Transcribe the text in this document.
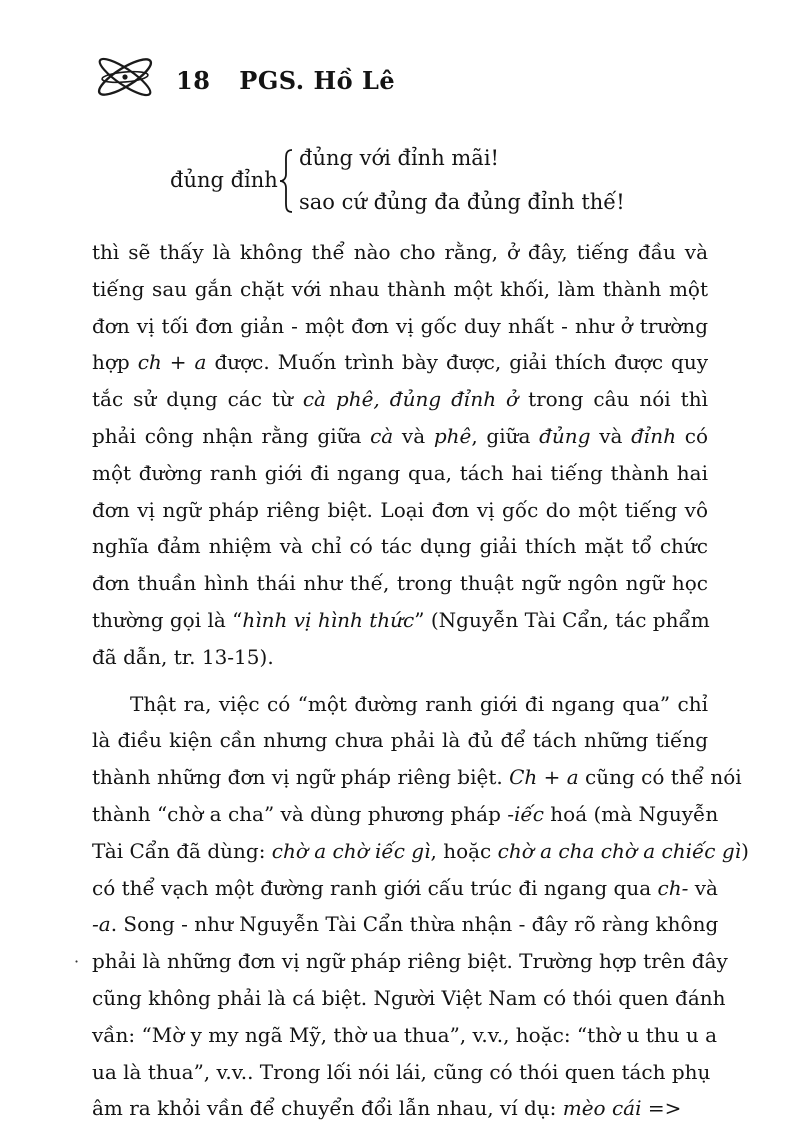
18 PGS. Hồ Lê
đủng đỉnh
đủng với đỉnh mãi!
sao cứ đủng đa đủng đỉnh thế!
thì sẽ thấy là không thể nào cho rằng, ở đây, tiếng đầu và
tiếng sau gắn chặt với nhau thành một khối, làm thành một
đơn vị tối đơn giản - một đơn vị gốc duy nhất - như ở trường
hợp ch + a được. Muốn trình bày được, giải thích được quy
tắc sử dụng các từ cà phê, đủng đỉnh ở trong câu nói thì
phải công nhận rằng giữa cà và phê, giữa đủng và đỉnh có
một đường ranh giới đi ngang qua, tách hai tiếng thành hai
đơn vị ngữ pháp riêng biệt. Loại đơn vị gốc do một tiếng vô
nghĩa đảm nhiệm và chỉ có tác dụng giải thích mặt tổ chức
đơn thuần hình thái như thế, trong thuật ngữ ngôn ngữ học
thường gọi là “hình vị hình thức” (Nguyễn Tài Cẩn, tác phẩm
đã dẫn, tr. 13-15).
Thật ra, việc có “một đường ranh giới đi ngang qua” chỉ
là điều kiện cần nhưng chưa phải là đủ để tách những tiếng
thành những đơn vị ngữ pháp riêng biệt. Ch + a cũng có thể nói
thành “chờ a cha” và dùng phương pháp -iếc hoá (mà Nguyễn
Tài Cẩn đã dùng: chờ a chờ iếc gì, hoặc chờ a cha chờ a chiếc gì)
có thể vạch một đường ranh giới cấu trúc đi ngang qua ch- và
-a. Song - như Nguyễn Tài Cẩn thừa nhận - đây rõ ràng không
phải là những đơn vị ngữ pháp riêng biệt. Trường hợp trên đây
cũng không phải là cá biệt. Người Việt Nam có thói quen đánh
vần: “Mờ y my ngã Mỹ, thờ ua thua”, v.v., hoặc: “thờ u thu u a
ua là thua”, v.v.. Trong lối nói lái, cũng có thói quen tách phụ
âm ra khỏi vần để chuyển đổi lẫn nhau, ví dụ: mèo cái =>
·
